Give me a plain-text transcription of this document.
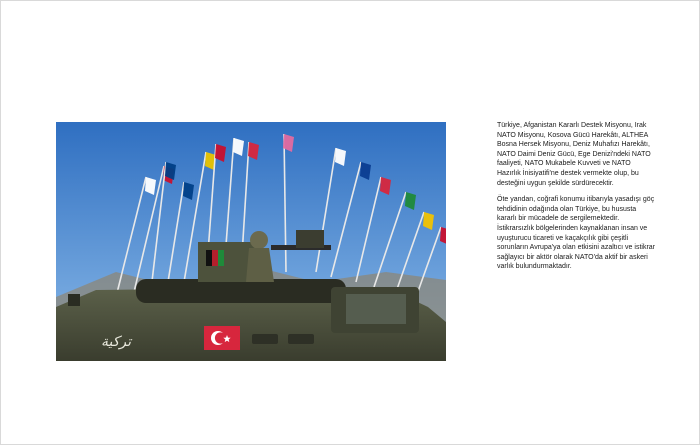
تركية

Türkiye, Afganistan Kararlı Destek Misyonu, Irak NATO Misyonu, Kosova Gücü Harekâtı, ALTHEA Bosna Hersek Misyonu, Deniz Muhafızı Harekâtı, NATO Daimi Deniz Gücü, Ege Denizi'ndeki NATO faaliyeti, NATO Mukabele Kuvveti ve NATO Hazırlık İnisiyatifi'ne destek vermekte olup, bu desteğini uygun şekilde sürdürecektir.

Öte yandan, coğrafi konumu itibarıyla yasadışı göç tehdidinin odağında olan Türkiye, bu hususta kararlı bir mücadele de sergilemektedir. İstikrarsızlık bölgelerinden kaynaklanan insan ve uyuşturucu ticareti ve kaçakçılık gibi çeşitli sorunların Avrupa'ya olan etkisini azaltıcı ve istikrar sağlayıcı bir aktör olarak NATO'da aktif bir askeri varlık bulundurmaktadır.
